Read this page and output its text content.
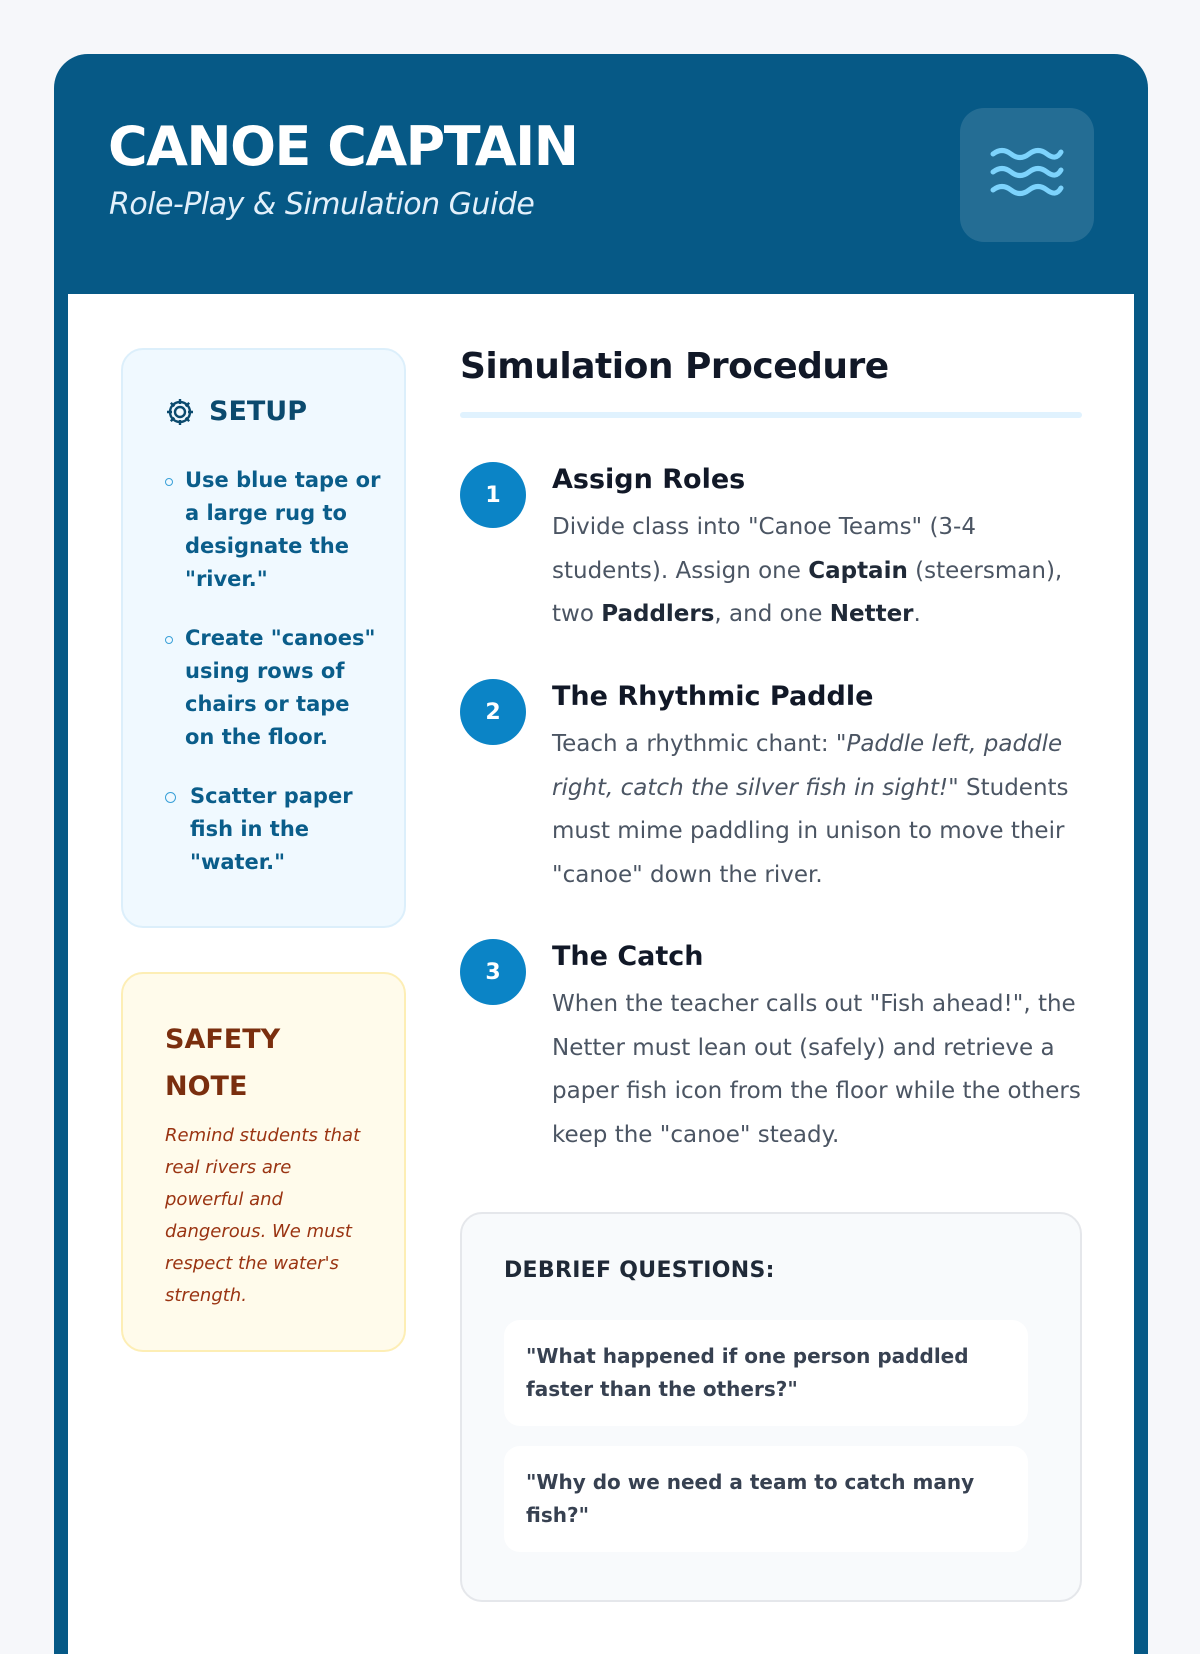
CANOE CAPTAIN
Role-Play & Simulation Guide
SETUP
Use blue tape or a large rug to designate the "river."
Create "canoes" using rows of chairs or tape on the floor.
Scatter paper fish in the "water."
SAFETY NOTE

Remind students that real rivers are powerful and dangerous. We must respect the water's strength.

Simulation Procedure
1	Assign Roles

Divide class into "Canoe Teams" (3-4 students). Assign one Captain (steersman), two Paddlers, and one Netter.

2	The Rhythmic Paddle

Teach a rhythmic chant: "Paddle left, paddle right, catch the silver fish in sight!" Students must mime paddling in unison to move their "canoe" down the river.

3	The Catch

When the teacher calls out "Fish ahead!", the Netter must lean out (safely) and retrieve a paper fish icon from the floor while the others keep the "canoe" steady.

DEBRIEF QUESTIONS:
"What happened if one person paddled faster than the others?"
"Why do we need a team to catch many fish?"
